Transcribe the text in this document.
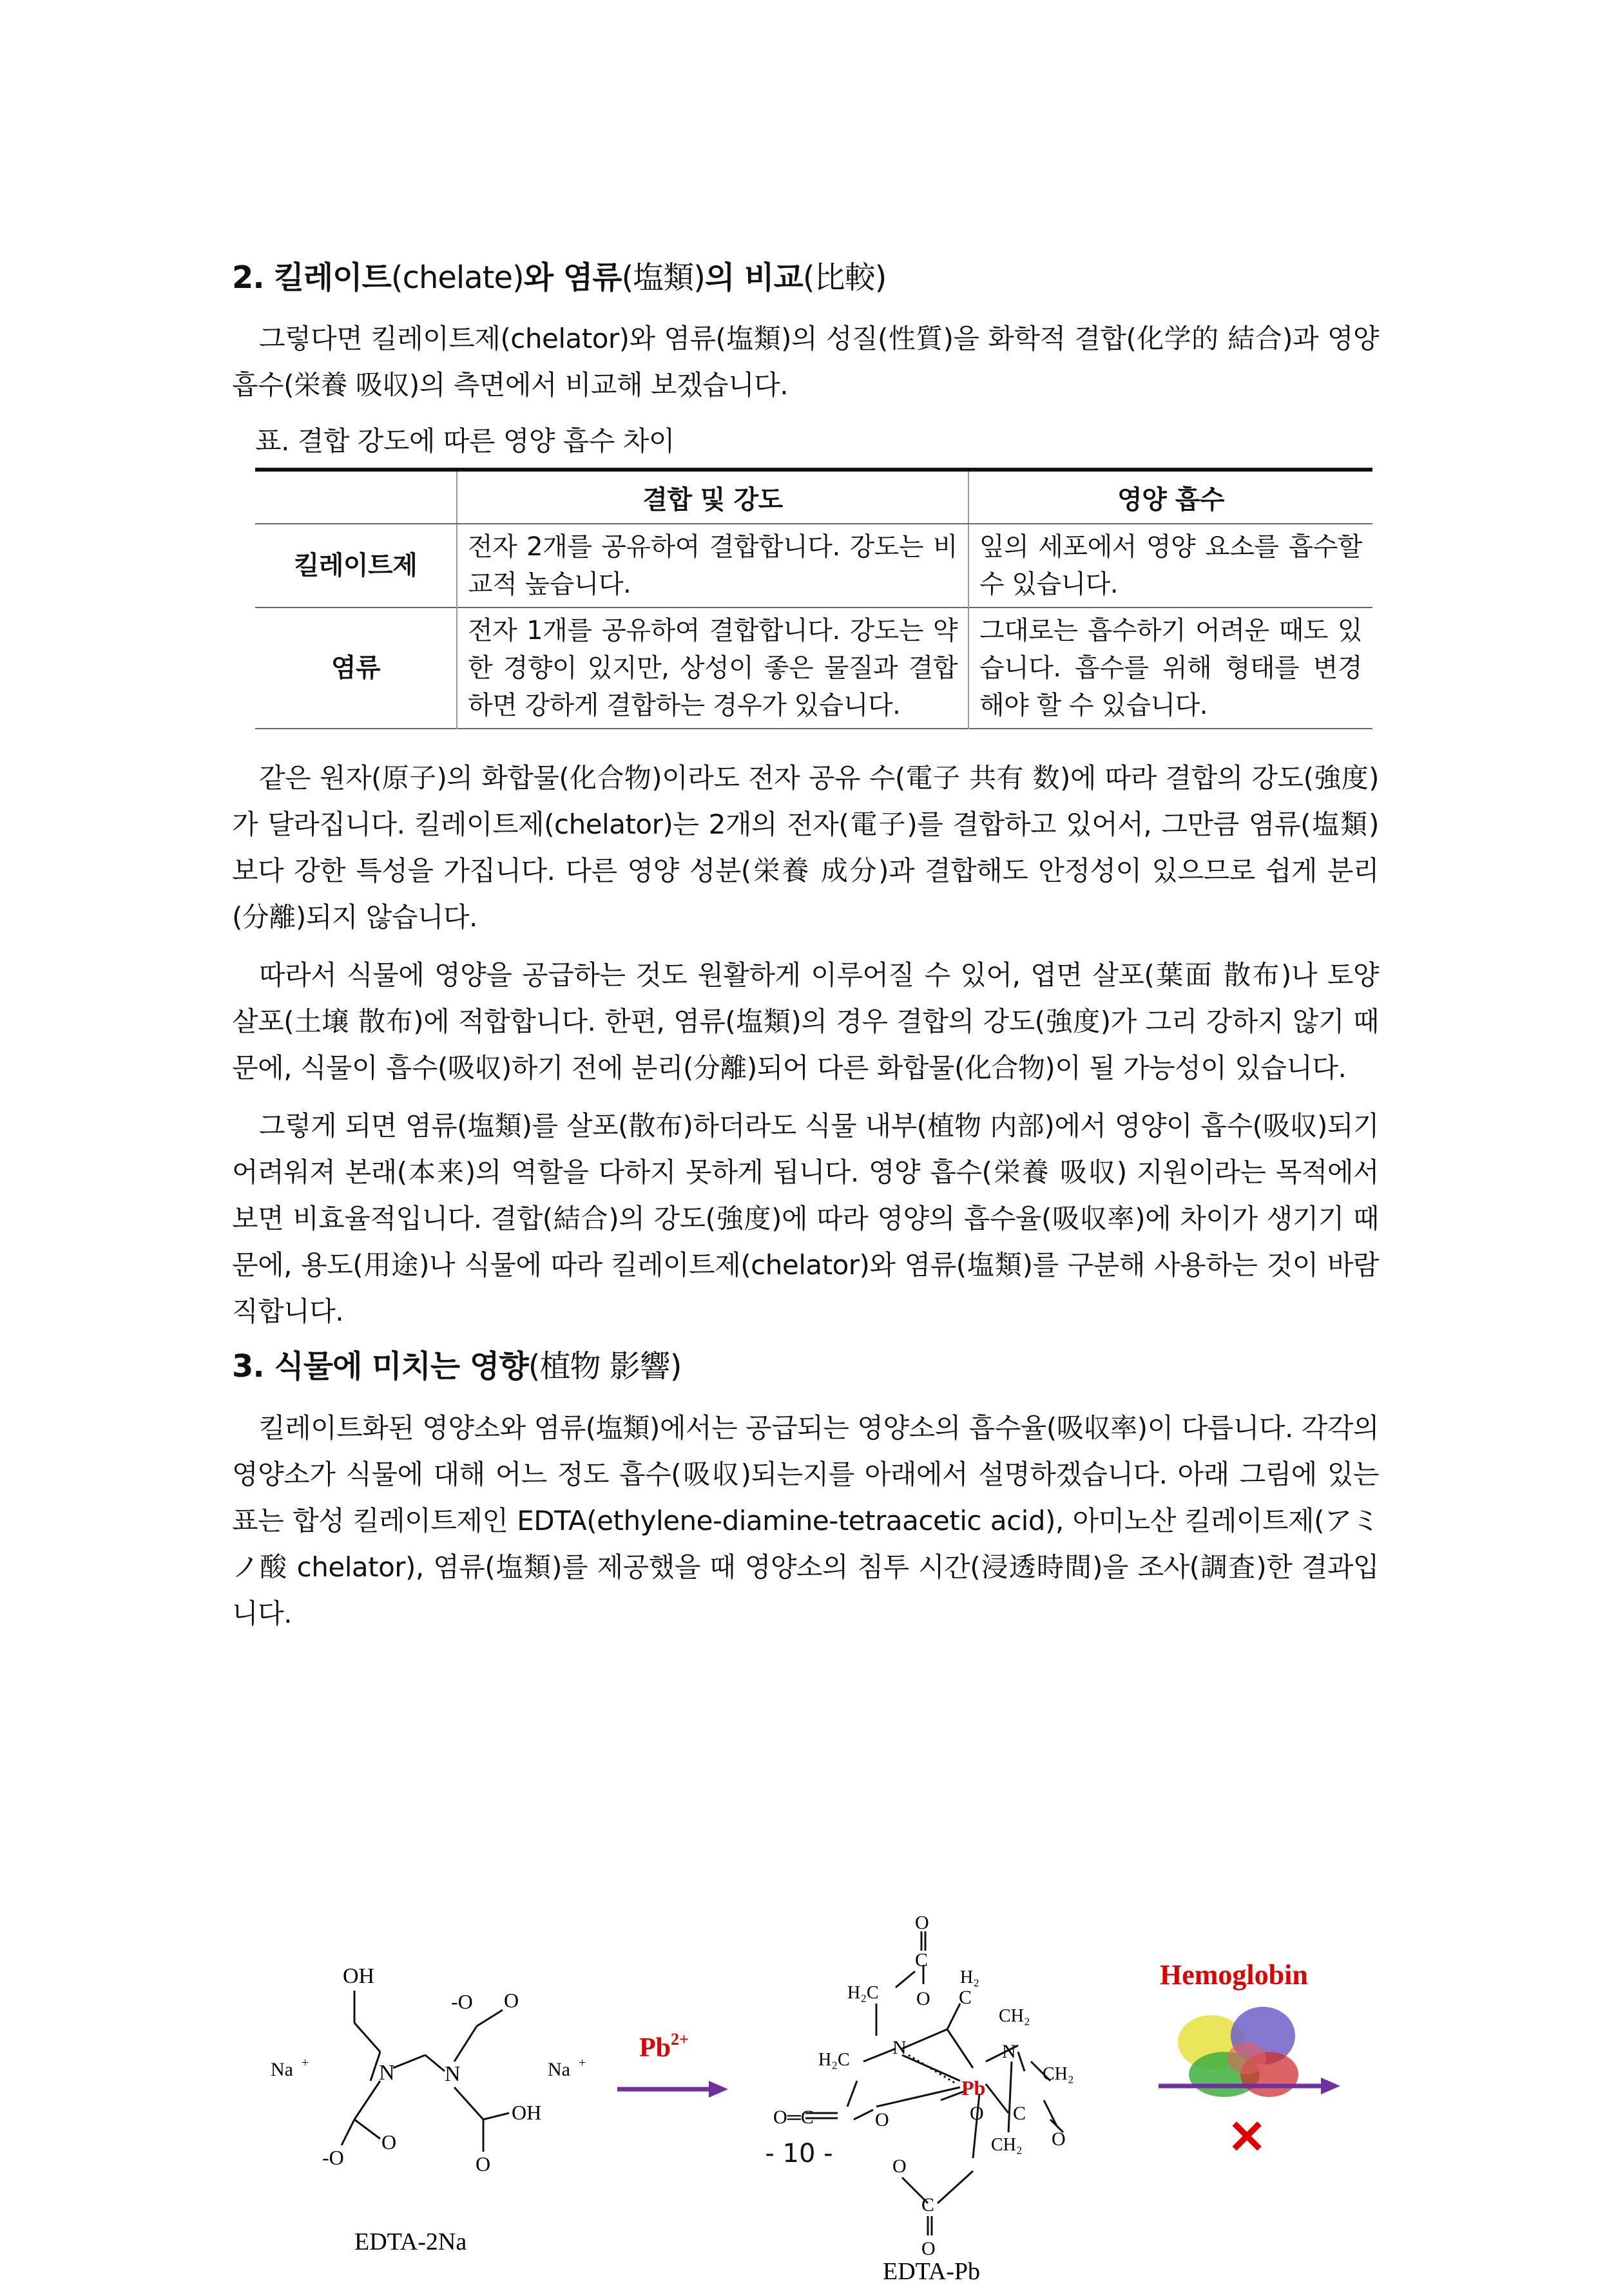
2. 킬레이트(chelate)와 염류(塩類)의 비교(比較)

그렇다면 킬레이트제(chelator)와 염류(塩類)의 성질(性質)을 화학적 결합(化学的 結合)과 영양 흡수(栄養 吸収)의 측면에서 비교해 보겠습니다.

표. 결합 강도에 따른 영양 흡수 차이
	결합 및 강도	영양 흡수
킬레이트제	전자 2개를 공유하여 결합합니다. 강도는 비교적 높습니다.	잎의 세포에서 영양 요소를 흡수할 수 있습니다.
염류	전자 1개를 공유하여 결합합니다. 강도는 약한 경향이 있지만, 상성이 좋은 물질과 결합하면 강하게 결합하는 경우가 있습니다.	그대로는 흡수하기 어려운 때도 있습니다. 흡수를 위해 형태를 변경해야 할 수 있습니다.

같은 원자(原子)의 화합물(化合物)이라도 전자 공유 수(電子 共有 数)에 따라 결합의 강도(強度)가 달라집니다. 킬레이트제(chelator)는 2개의 전자(電子)를 결합하고 있어서, 그만큼 염류(塩類)보다 강한 특성을 가집니다. 다른 영양 성분(栄養 成分)과 결합해도 안정성이 있으므로 쉽게 분리(分離)되지 않습니다.

따라서 식물에 영양을 공급하는 것도 원활하게 이루어질 수 있어, 엽면 살포(葉面 散布)나 토양 살포(土壌 散布)에 적합합니다. 한편, 염류(塩類)의 경우 결합의 강도(強度)가 그리 강하지 않기 때문에, 식물이 흡수(吸収)하기 전에 분리(分離)되어 다른 화합물(化合物)이 될 가능성이 있습니다.

그렇게 되면 염류(塩類)를 살포(散布)하더라도 식물 내부(植物 内部)에서 영양이 흡수(吸収)되기 어려워져 본래(本来)의 역할을 다하지 못하게 됩니다. 영양 흡수(栄養 吸収) 지원이라는 목적에서 보면 비효율적입니다. 결합(結合)의 강도(強度)에 따라 영양의 흡수율(吸収率)에 차이가 생기기 때문에, 용도(用途)나 식물에 따라 킬레이트제(chelator)와 염류(塩類)를 구분해 사용하는 것이 바람직합니다.

3. 식물에 미치는 영향(植物 影響)

킬레이트화된 영양소와 염류(塩類)에서는 공급되는 영양소의 흡수율(吸収率)이 다릅니다. 각각의 영양소가 식물에 대해 어느 정도 흡수(吸収)되는지를 아래에서 설명하겠습니다. 아래 그림에 있는 표는 합성 킬레이트제인 EDTA(ethylene-diamine-tetraacetic acid), 아미노산 킬레이트제(アミノ酸 chelator), 염류(塩類)를 제공했을 때 영양소의 침투 시간(浸透時間)을 조사(調査)한 결과입니다.

OH
N N
-O O
-O
O
OH
O
Na +	Na +
EDTA-2Na
$Pb^{2+}$
O
C
O
H₂C
H₂
C
CH₂
N	N
H₂C
Pb
CH₂
O═C	O	O C
CH₂ O
O
C
O
EDTA-Pb
Hemoglobin
✕
- 10 -
